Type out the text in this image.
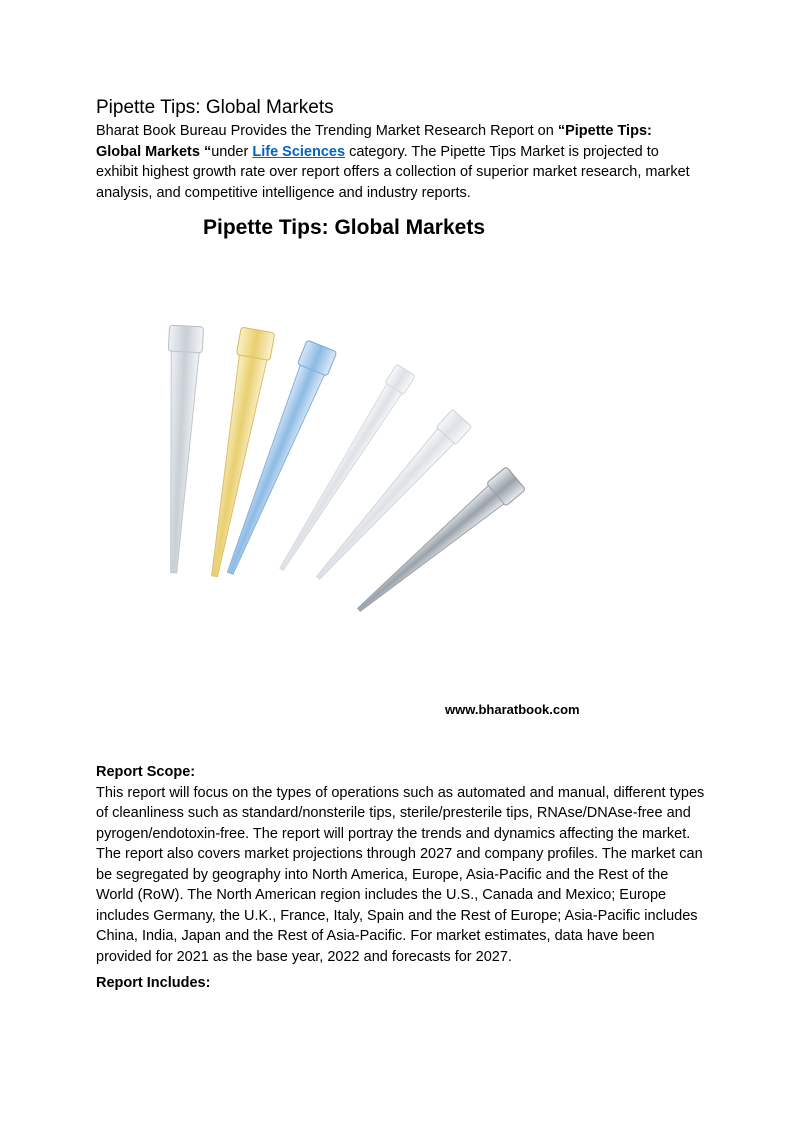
Pipette Tips: Global Markets
Bharat Book Bureau Provides the Trending Market Research Report on “Pipette Tips: Global Markets “under Life Sciences category. The Pipette Tips Market is projected to exhibit highest growth rate over report offers a collection of superior market research, market analysis, and competitive intelligence and industry reports.
Pipette Tips: Global Markets
www.bharatbook.com
Report Scope:
This report will focus on the types of operations such as automated and manual, different types of cleanliness such as standard/nonsterile tips, sterile/presterile tips, RNAse/DNAse-free and pyrogen/endotoxin-free. The report will portray the trends and dynamics affecting the market. The report also covers market projections through 2027 and company profiles. The market can be segregated by geography into North America, Europe, Asia-Pacific and the Rest of the World (RoW). The North American region includes the U.S., Canada and Mexico; Europe includes Germany, the U.K., France, Italy, Spain and the Rest of Europe; Asia-Pacific includes China, India, Japan and the Rest of Asia-Pacific. For market estimates, data have been provided for 2021 as the base year, 2022 and forecasts for 2027.
Report Includes:
